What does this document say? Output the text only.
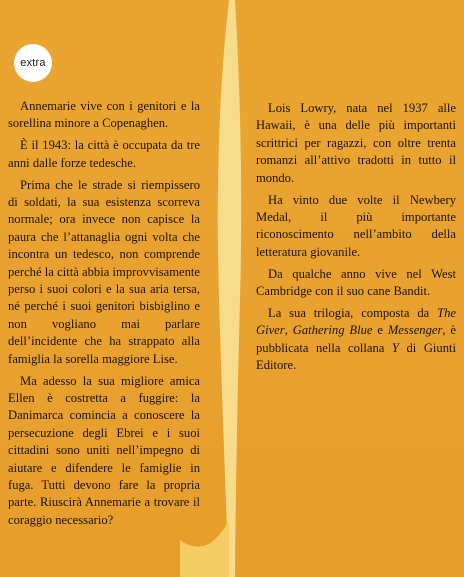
extra

Annemarie vive con i genitori e la sorellina minore a Copenaghen.

È il 1943: la città è occupata da tre anni dalle forze tedesche.

Prima che le strade si riempissero di soldati, la sua esistenza scorreva normale; ora invece non capisce la paura che l’attanaglia ogni volta che incontra un tedesco, non comprende perché la città abbia improvvisamente perso i suoi colori e la sua aria tersa, né perché i suoi genitori bisbiglino e non vogliano mai parlare dell’incidente che ha strappato alla famiglia la sorella maggiore Lise.

Ma adesso la sua migliore amica Ellen è costretta a fuggire: la Danimarca comincia a conoscere la persecuzione degli Ebrei e i suoi cittadini sono uniti nell’impegno di aiutare e difendere le famiglie in fuga. Tutti devono fare la propria parte. Riuscirà Annemarie a trovare il coraggio necessario?

Lois Lowry, nata nel 1937 alle Hawaii, è una delle più importanti scrittrici per ragazzi, con oltre trenta romanzi all’attivo tradotti in tutto il mondo.

Ha vinto due volte il Newbery Medal, il più importante riconoscimento nell’ambito della letteratura giovanile.

Da qualche anno vive nel West Cambridge con il suo cane Bandit.

La sua trilogia, composta da The Giver, Gathering Blue e Messenger, è pubblicata nella collana Y di Giunti Editore.
